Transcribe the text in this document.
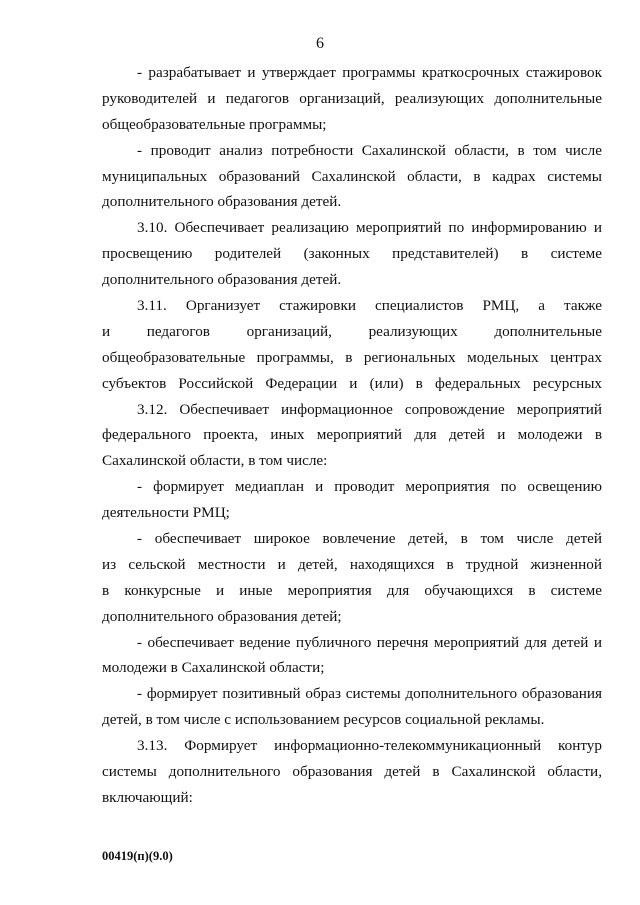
6

- разрабатывает и утверждает программы краткосрочных стажировок
руководителей и педагогов организаций, реализующих дополнительные
общеобразовательные программы;

- проводит анализ потребности Сахалинской области, в том числе
муниципальных образований Сахалинской области, в кадрах системы
дополнительного образования детей.

3.10. Обеспечивает реализацию мероприятий по информированию и
просвещению родителей (законных представителей) в системе
дополнительного образования детей.

3.11. Организует стажировки специалистов РМЦ, а также
и педагогов организаций, реализующих дополнительные
общеобразовательные программы, в региональных модельных центрах
субъектов Российской Федерации и (или) в федеральных ресурсных

3.12. Обеспечивает информационное сопровождение мероприятий
федерального проекта, иных мероприятий для детей и молодежи в
Сахалинской области, в том числе:

- формирует медиаплан и проводит мероприятия по освещению
деятельности РМЦ;

- обеспечивает широкое вовлечение детей, в том числе детей
из сельской местности и детей, находящихся в трудной жизненной
в конкурсные и иные мероприятия для обучающихся в системе
дополнительного образования детей;

- обеспечивает ведение публичного перечня мероприятий для детей и
молодежи в Сахалинской области;

- формирует позитивный образ системы дополнительного образования
детей, в том числе с использованием ресурсов социальной рекламы.

3.13. Формирует информационно-телекоммуникационный контур
системы дополнительного образования детей в Сахалинской области,
включающий:

00419(п)(9.0)
